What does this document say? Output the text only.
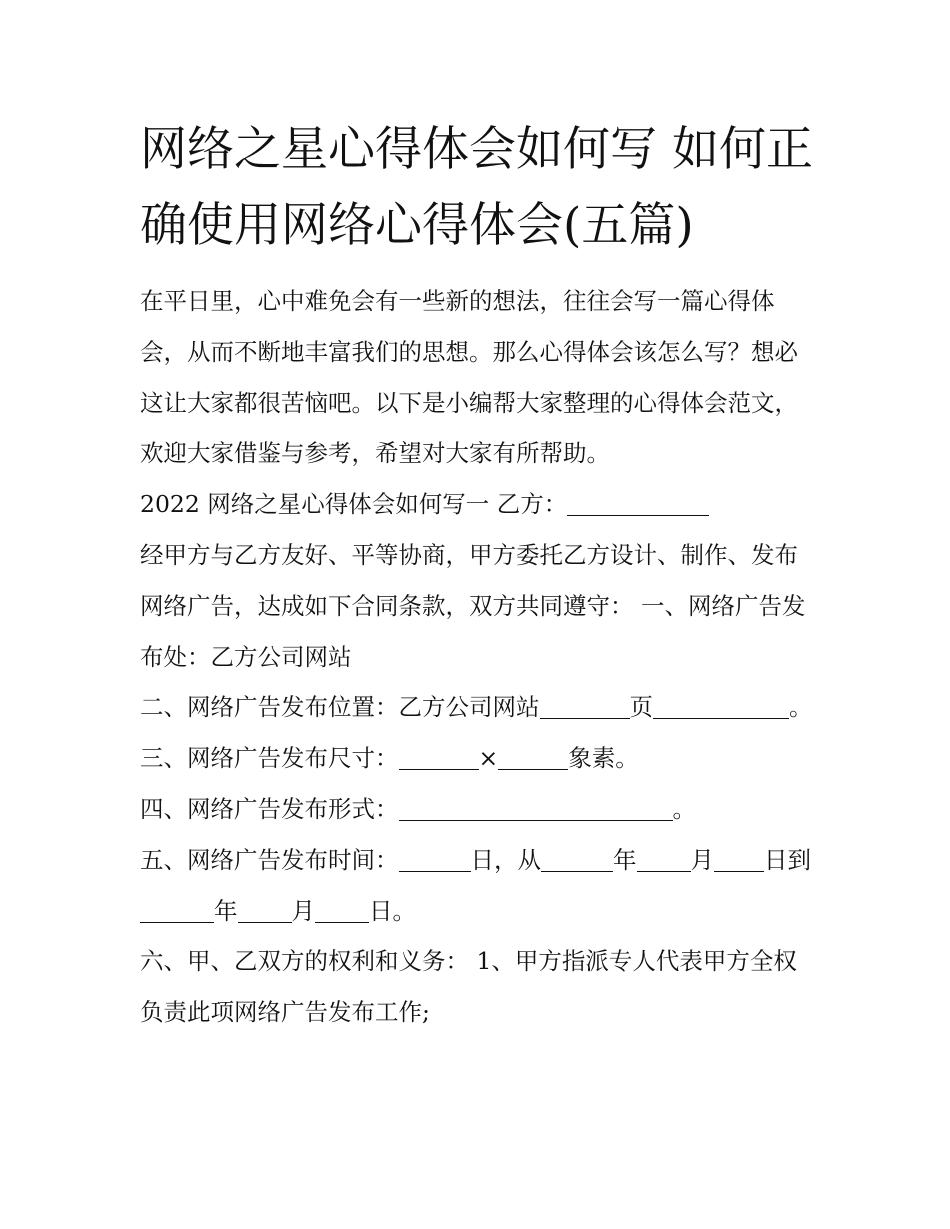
网络之星心得体会如何写 如何正确使用网络心得体会(五篇)

在平日里，心中难免会有一些新的想法，往往会写一篇心得体会，从而不断地丰富我们的思想。那么心得体会该怎么写？想必这让大家都很苦恼吧。以下是小编帮大家整理的心得体会范文，欢迎大家借鉴与参考，希望对大家有所帮助。

2022 网络之星心得体会如何写一 乙方：

经甲方与乙方友好、平等协商，甲方委托乙方设计、制作、发布网络广告，达成如下合同条款，双方共同遵守： 一、网络广告发布处：乙方公司网站

二、网络广告发布位置：乙方公司网站	页	。 三、网络广告发布尺寸：	×	象素。

四、网络广告发布形式：	。

五、网络广告发布时间：	日，从	年 月 日到年 月 日。

六、甲、乙双方的权利和义务： 1、甲方指派专人代表甲方全权负责此项网络广告发布工作;
